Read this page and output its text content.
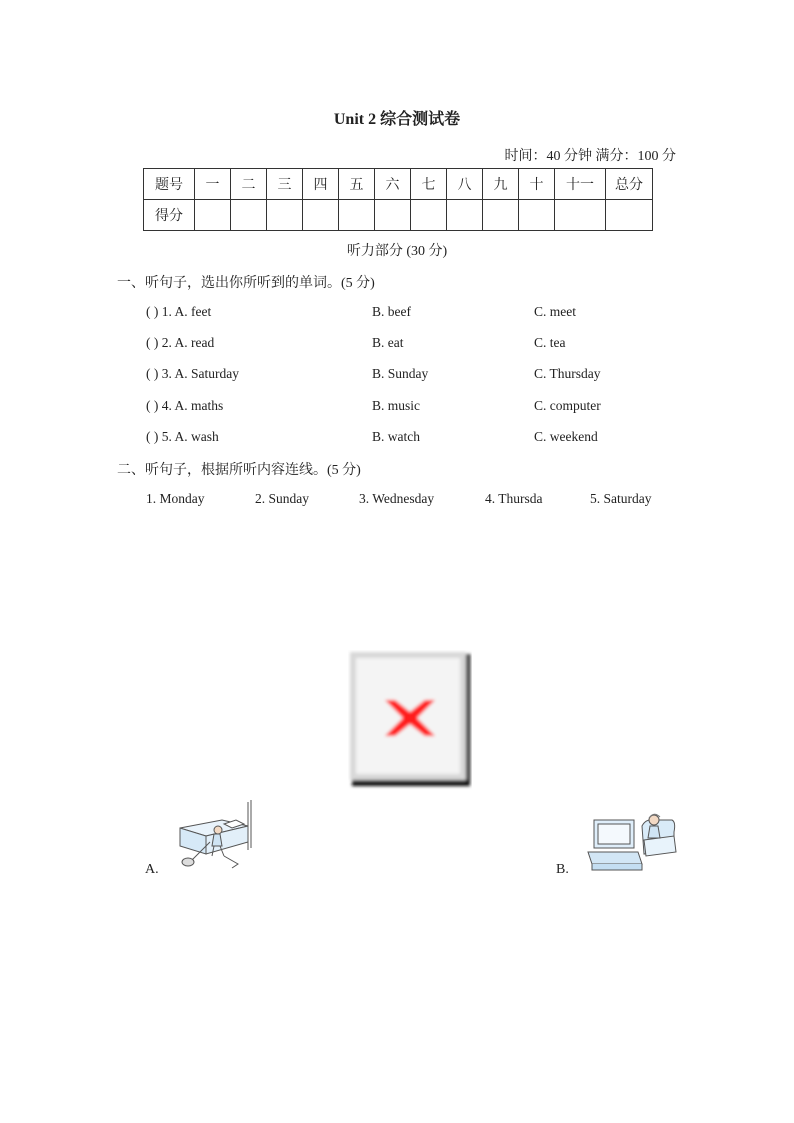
Unit 2 综合测试卷
时间：40 分钟 满分：100 分
题号	一	二	三	四	五	六	七	八	九	十	十一	总分
得分												
听力部分 (30 分)
一、听句子，选出你所听到的单词。(5 分)
( ) 1. A. feet	B. beef	C. meet
( ) 2. A. read	B. eat	C. tea
( ) 3. A. Saturday	B. Sunday	C. Thursday
( ) 4. A. maths	B. music	C. computer
( ) 5. A. wash	B. watch	C. weekend
二、听句子，根据所听内容连线。(5 分)
1. Monday	2. Sunday	3. Wednesday	4. Thursda	5. Saturday
A.	B.
